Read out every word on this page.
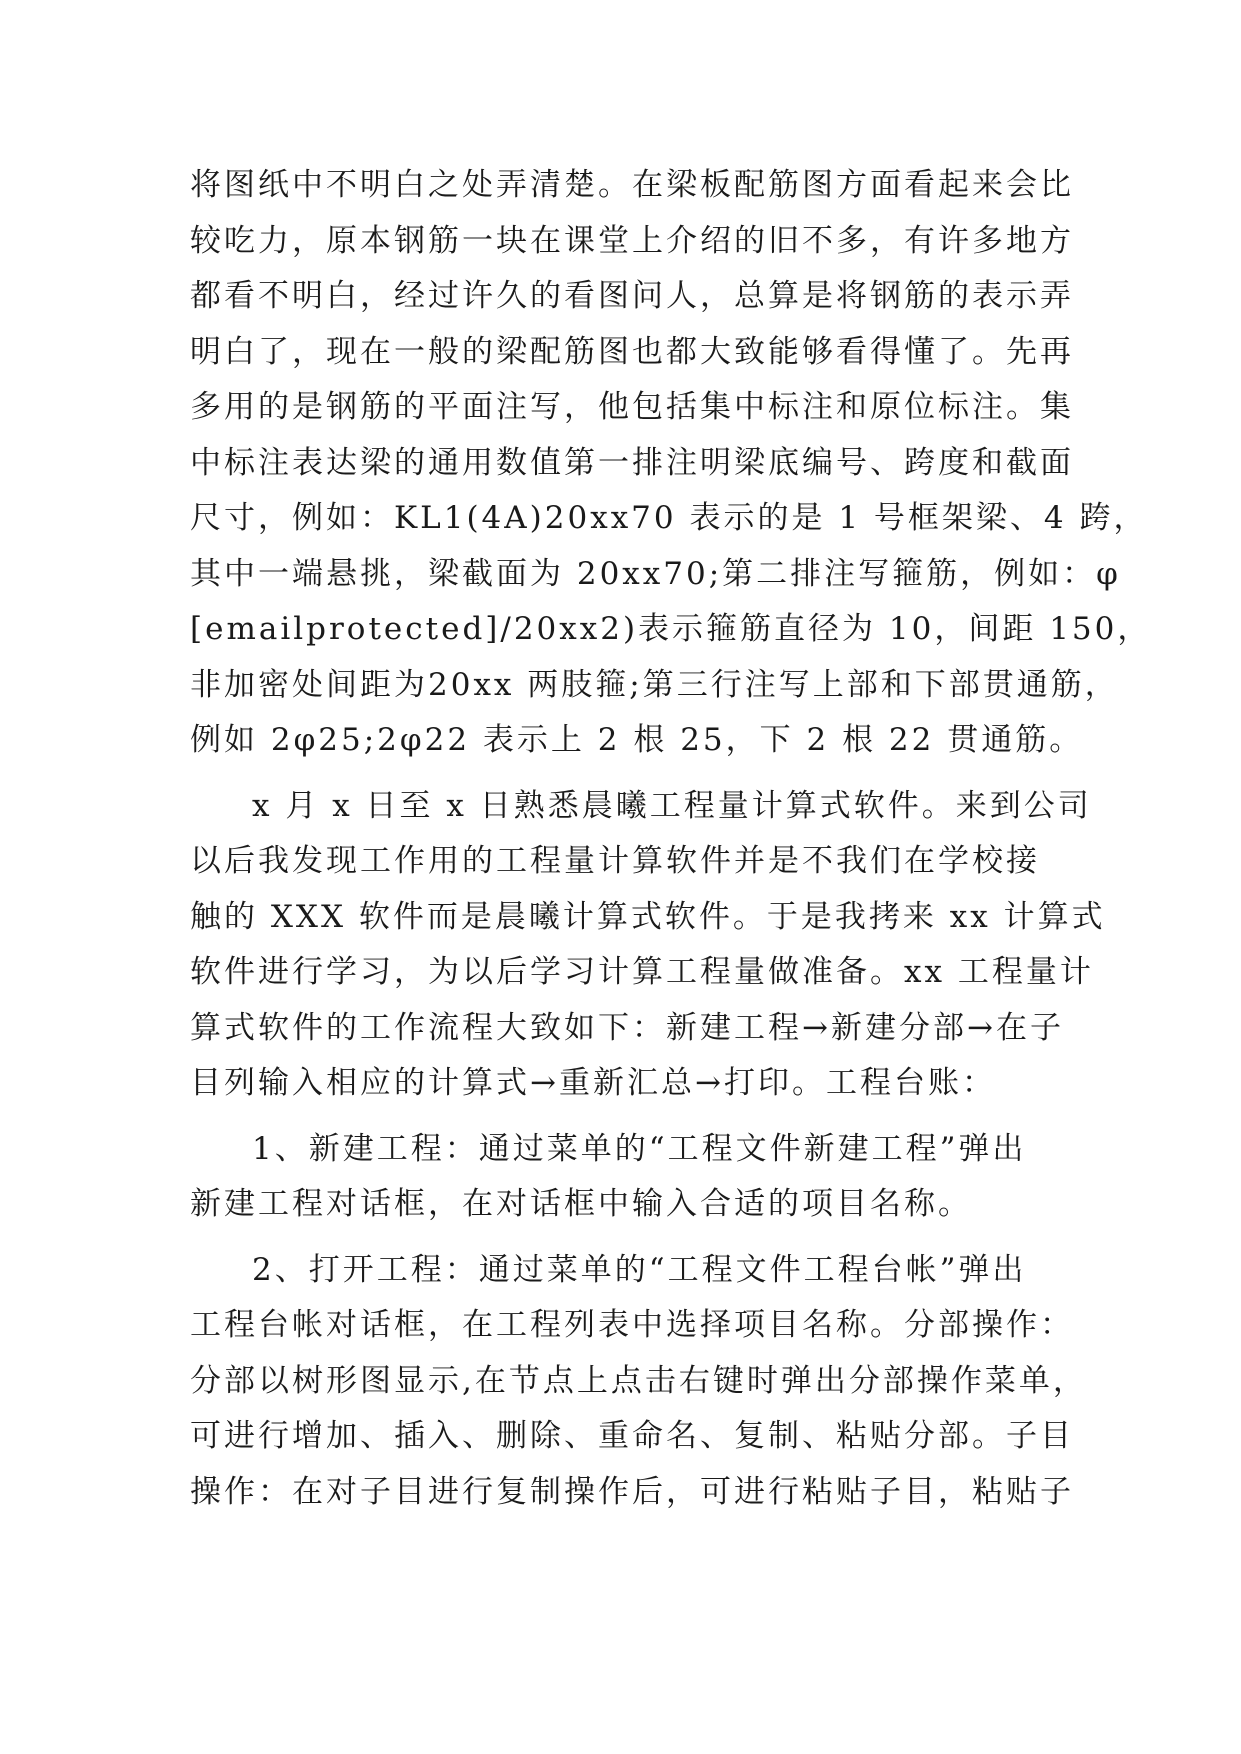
将图纸中不明白之处弄清楚。在梁板配筋图方面看起来会比
较吃力，原本钢筋一块在课堂上介绍的旧不多，有许多地方
都看不明白，经过许久的看图问人，总算是将钢筋的表示弄
明白了，现在一般的梁配筋图也都大致能够看得懂了。先再
多用的是钢筋的平面注写，他包括集中标注和原位标注。集
中标注表达梁的通用数值第一排注明梁底编号、跨度和截面
尺寸，例如：KL1(4A)20xx70 表示的是 1 号框架梁、4 跨，
其中一端悬挑，梁截面为 20xx70;第二排注写箍筋，例如：φ
[emailprotected]/20xx2)表示箍筋直径为 10，间距 150，
非加密处间距为20xx 两肢箍;第三行注写上部和下部贯通筋，
例如 2φ25;2φ22 表示上 2 根 25，下 2 根 22 贯通筋。
x 月 x 日至 x 日熟悉晨曦工程量计算式软件。来到公司
以后我发现工作用的工程量计算软件并是不我们在学校接
触的 XXX 软件而是晨曦计算式软件。于是我拷来 xx 计算式
软件进行学习，为以后学习计算工程量做准备。xx 工程量计
算式软件的工作流程大致如下：新建工程→新建分部→在子
目列输入相应的计算式→重新汇总→打印。工程台账：
1、新建工程：通过菜单的“工程文件新建工程”弹出
新建工程对话框，在对话框中输入合适的项目名称。
2、打开工程：通过菜单的“工程文件工程台帐”弹出
工程台帐对话框，在工程列表中选择项目名称。分部操作：
分部以树形图显示,在节点上点击右键时弹出分部操作菜单，
可进行增加、插入、删除、重命名、复制、粘贴分部。子目
操作：在对子目进行复制操作后，可进行粘贴子目，粘贴子
